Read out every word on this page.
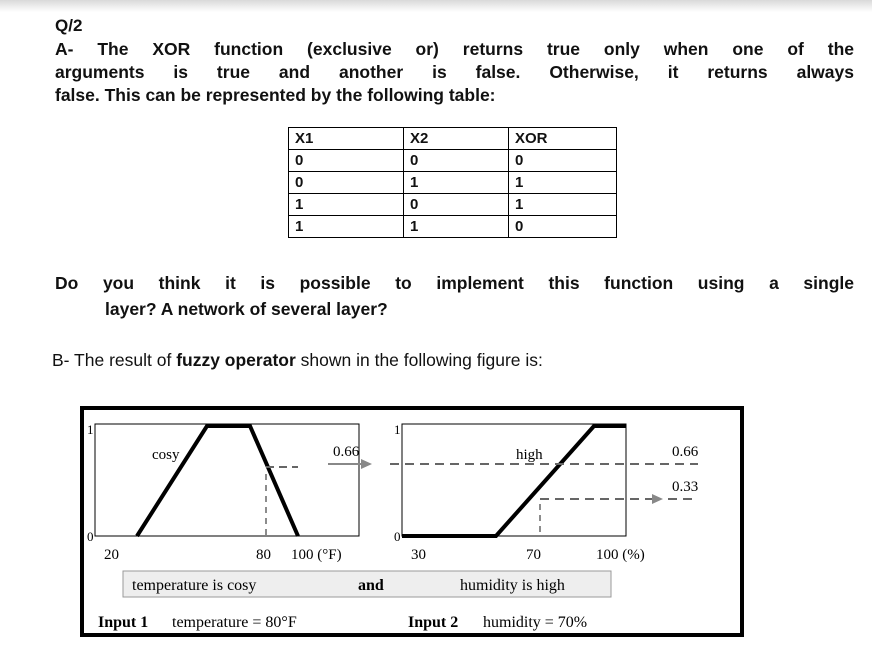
Q/2
A- The XOR function (exclusive or) returns true only when one of the
arguments is true and another is false. Otherwise, it returns always
false. This can be represented by the following table:
X1	X2	XOR
0	0	0
0	1	1
1	0	1
1	1	0
Do you think it is possible to implement this function using a single
layer? A network of several layer?
B- The result of fuzzy operator shown in the following figure is:
1
0
cosy	0.66
20	80 100 (°F)
1
0
high	0.66
0.33
30	70	100 (%)
temperature is cosy	and	humidity is high
Input 1 temperature = 80°F	Input 2 humidity = 70%
